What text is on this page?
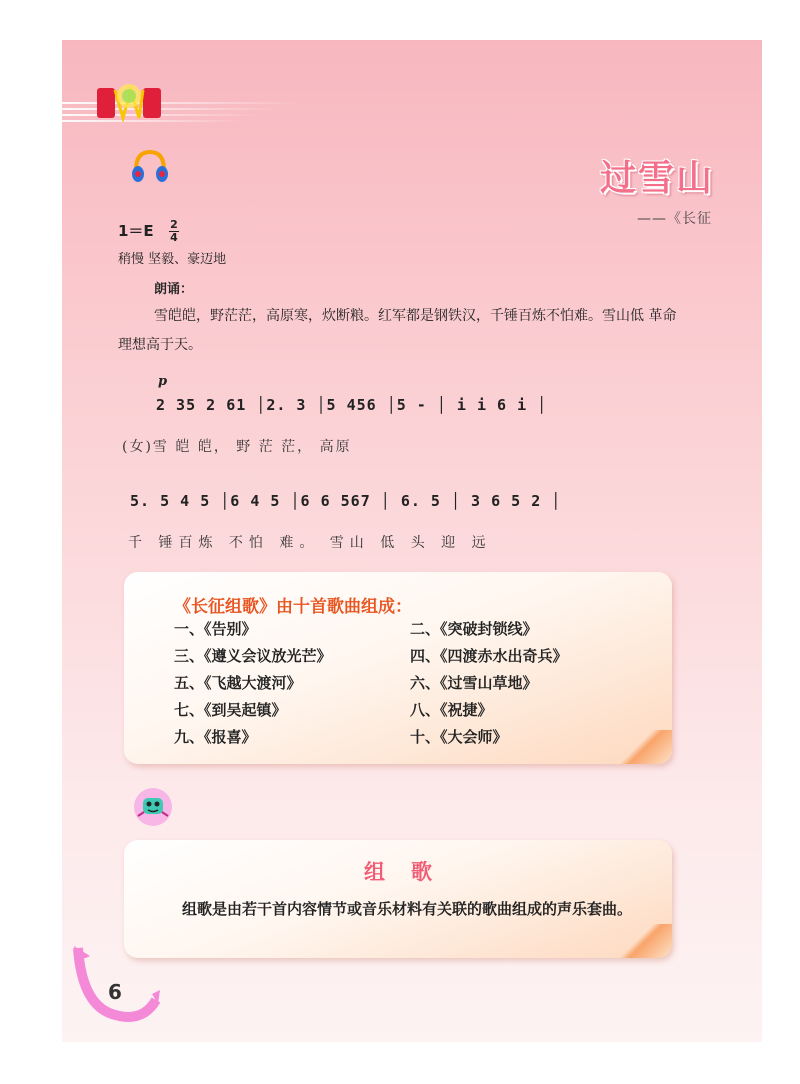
过雪山
——《长征
$1=E \frac{2}{4}$
稍慢 坚毅、豪迈地
朗诵：
雪皑皑，野茫茫，高原寒，炊断粮。红军都是钢铁汉，千锤百炼不怕难。雪山低 革命理想高于天。
p
2 35 2 61 │2. 3 │5 456 │5 - │ i i 6 i │
(女)雪 皑 皑， 野 茫 茫， 高原
5. 5 4 5 │6 4 5 │6 6 567 │ 6. 5 │ 3 6 5 2 │
千 锤百炼 不怕 难。 雪山 低 头 迎 远
《长征组歌》由十首歌曲组成：
一、《告别》	二、《突破封锁线》
三、《遵义会议放光芒》	四、《四渡赤水出奇兵》
五、《飞越大渡河》	六、《过雪山草地》
七、《到吴起镇》	八、《祝捷》
九、《报喜》	十、《大会师》
组歌
组歌是由若干首内容情节或音乐材料有关联的歌曲组成的声乐套曲。
6
